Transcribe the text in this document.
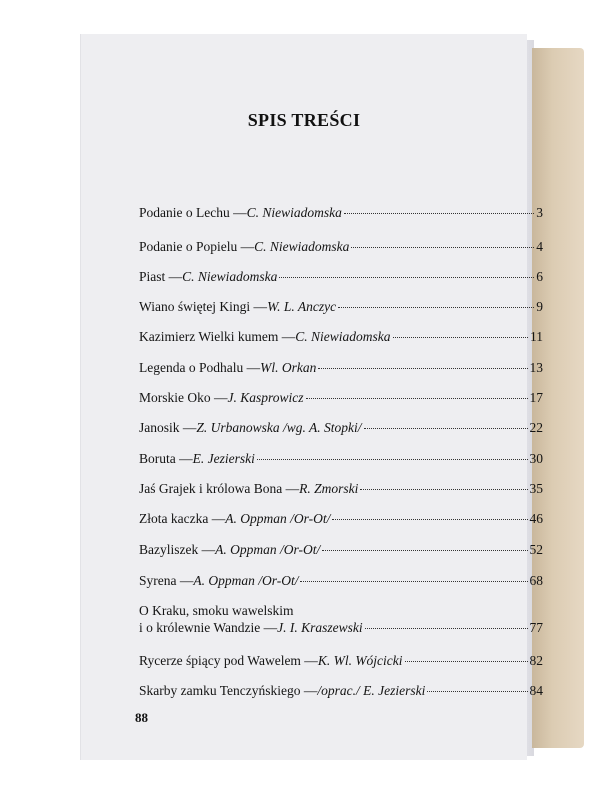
SPIS TREŚCI
Podanie o Lechu — C. Niewiadomska	3
Podanie o Popielu — C. Niewiadomska	4
Piast — C. Niewiadomska	6
Wiano świętej Kingi — W. L. Anczyc	9
Kazimierz Wielki kumem — C. Niewiadomska	11
Legenda o Podhalu — Wl. Orkan	13
Morskie Oko — J. Kasprowicz	17
Janosik — Z. Urbanowska /wg. A. Stopki/	22
Boruta — E. Jezierski	30
Jaś Grajek i królowa Bona — R. Zmorski	35
Złota kaczka — A. Oppman /Or-Ot/	46
Bazyliszek — A. Oppman /Or-Ot/	52
Syrena — A. Oppman /Or-Ot/	68
O Kraku, smoku wawelskim
i o królewnie Wandzie — J. I. Kraszewski	77
Rycerze śpiący pod Wawelem — K. Wl. Wójcicki	82
Skarby zamku Tenczyńskiego — /oprac./ E. Jezierski	84
88
